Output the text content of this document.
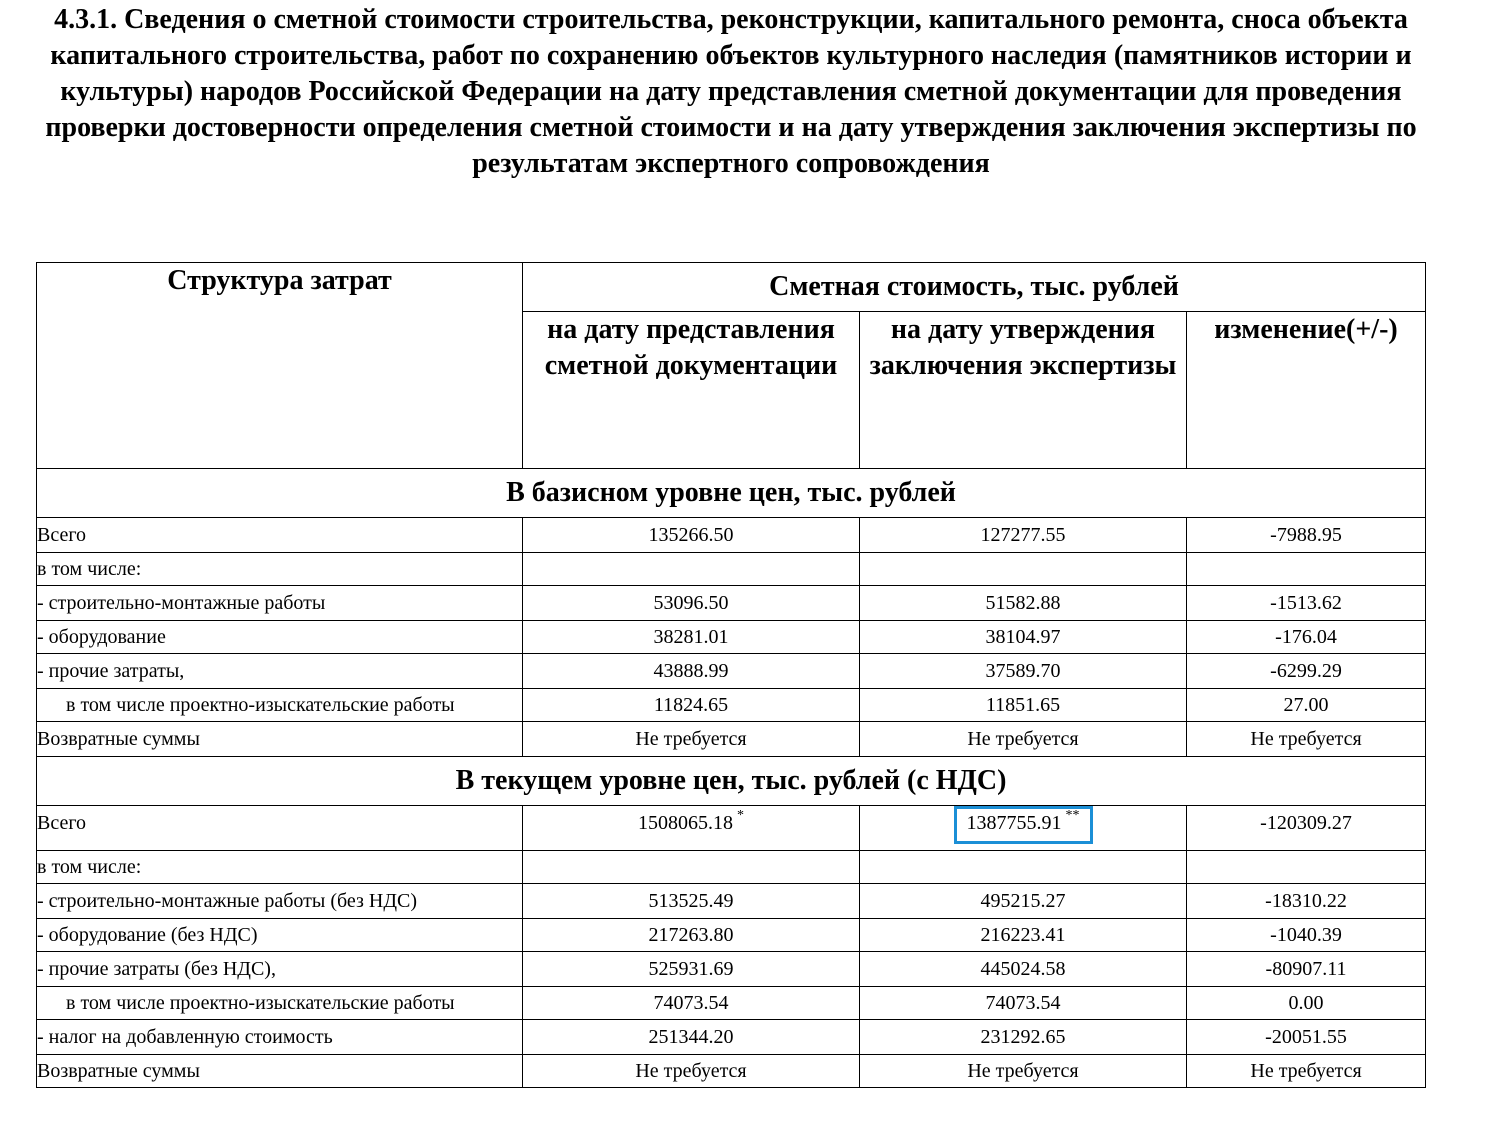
4.3.1. Сведения о сметной стоимости строительства, реконструкции, капитального ремонта, сноса объекта капитального строительства, работ по сохранению объектов культурного наследия (памятников истории и культуры) народов Российской Федерации на дату представления сметной документации для проведения проверки достоверности определения сметной стоимости и на дату утверждения заключения экспертизы по результатам экспертного сопровождения
Структура затрат	Сметная стоимость, тыс. рублей		
	на дату представления сметной документации	на дату утверждения заключения экспертизы	изменение(+/-)
В базисном уровне цен, тыс. рублей			
Всего	135266.50	127277.55	-7988.95
в том числе:			
- строительно-монтажные работы	53096.50	51582.88	-1513.62
- оборудование	38281.01	38104.97	-176.04
- прочие затраты,	43888.99	37589.70	-6299.29
в том числе проектно-изыскательские работы	11824.65	11851.65	27.00
Возвратные суммы	Не требуется	Не требуется	Не требуется
В текущем уровне цен, тыс. рублей (с НДС)			
Всего	1508065.18 *	1387755.91 **	-120309.27
в том числе:			
- строительно-монтажные работы (без НДС)	513525.49	495215.27	-18310.22
- оборудование (без НДС)	217263.80	216223.41	-1040.39
- прочие затраты (без НДС),	525931.69	445024.58	-80907.11
в том числе проектно-изыскательские работы	74073.54	74073.54	0.00
- налог на добавленную стоимость	251344.20	231292.65	-20051.55
Возвратные суммы	Не требуется	Не требуется	Не требуется
